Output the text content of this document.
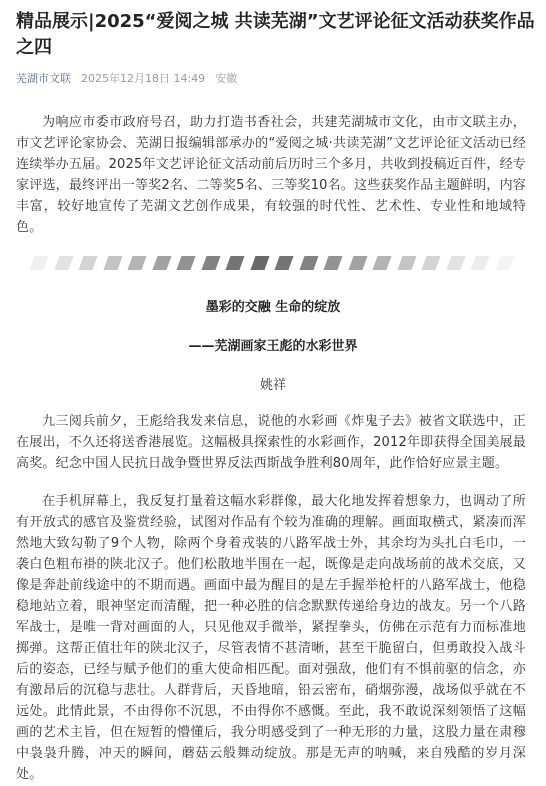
精品展示|2025“爱阅之城 共读芜湖”文艺评论征文活动获奖作品之四
芜湖市文联 2025年12月18日 14:49 安徽
为响应市委市政府号召，助力打造书香社会，共建芜湖城市文化，由市文联主办，市文艺评论家协会、芜湖日报编辑部承办的“爱阅之城·共读芜湖”文艺评论征文活动已经连续举办五届。2025年文艺评论征文活动前后历时三个多月，共收到投稿近百件，经专家评选，最终评出一等奖2名、二等奖5名、三等奖10名。这些获奖作品主题鲜明，内容丰富，较好地宣传了芜湖文艺创作成果，有较强的时代性、艺术性、专业性和地域特色。
墨彩的交融 生命的绽放
——芜湖画家王彪的水彩世界
姚祥
九三阅兵前夕，王彪给我发来信息，说他的水彩画《炸鬼子去》被省文联选中，正在展出，不久还将送香港展览。这幅极具探索性的水彩画作，2012年即获得全国美展最高奖。纪念中国人民抗日战争暨世界反法西斯战争胜利80周年，此作恰好应景主题。
在手机屏幕上，我反复打量着这幅水彩群像，最大化地发挥着想象力，也调动了所有开放式的感官及鉴赏经验，试图对作品有个较为准确的理解。画面取横式，紧凑而浑然地大致勾勒了9个人物，除两个身着戎装的八路军战士外，其余均为头扎白毛巾，一袭白色粗布褂的陕北汉子。他们松散地半围在一起，既像是走向战场前的战术交底，又像是奔赴前线途中的不期而遇。画面中最为醒目的是左手握举枪杆的八路军战士，他稳稳地站立着，眼神坚定而清醒，把一种必胜的信念默默传递给身边的战友。另一个八路军战士，是唯一背对画面的人，只见他双手微举，紧捏拳头，仿佛在示范有力而标准地掷弹。这帮正值壮年的陕北汉子，尽管表情不甚清晰，甚至干脆留白，但勇敢投入战斗后的姿态，已经与赋予他们的重大使命相匹配。面对强敌，他们有不惧前驱的信念，亦有激昂后的沉稳与悲壮。人群背后，天昏地暗，铅云密布，硝烟弥漫，战场似乎就在不远处。此情此景，不由得你不沉思，不由得你不感慨。至此，我不敢说深刻领悟了这幅画的艺术主旨，但在短暂的懵懂后，我分明感受到了一种无形的力量，这股力量在肃穆中袅袅升腾，冲天的瞬间，蘑菇云般舞动绽放。那是无声的呐喊，来自残酷的岁月深处。
